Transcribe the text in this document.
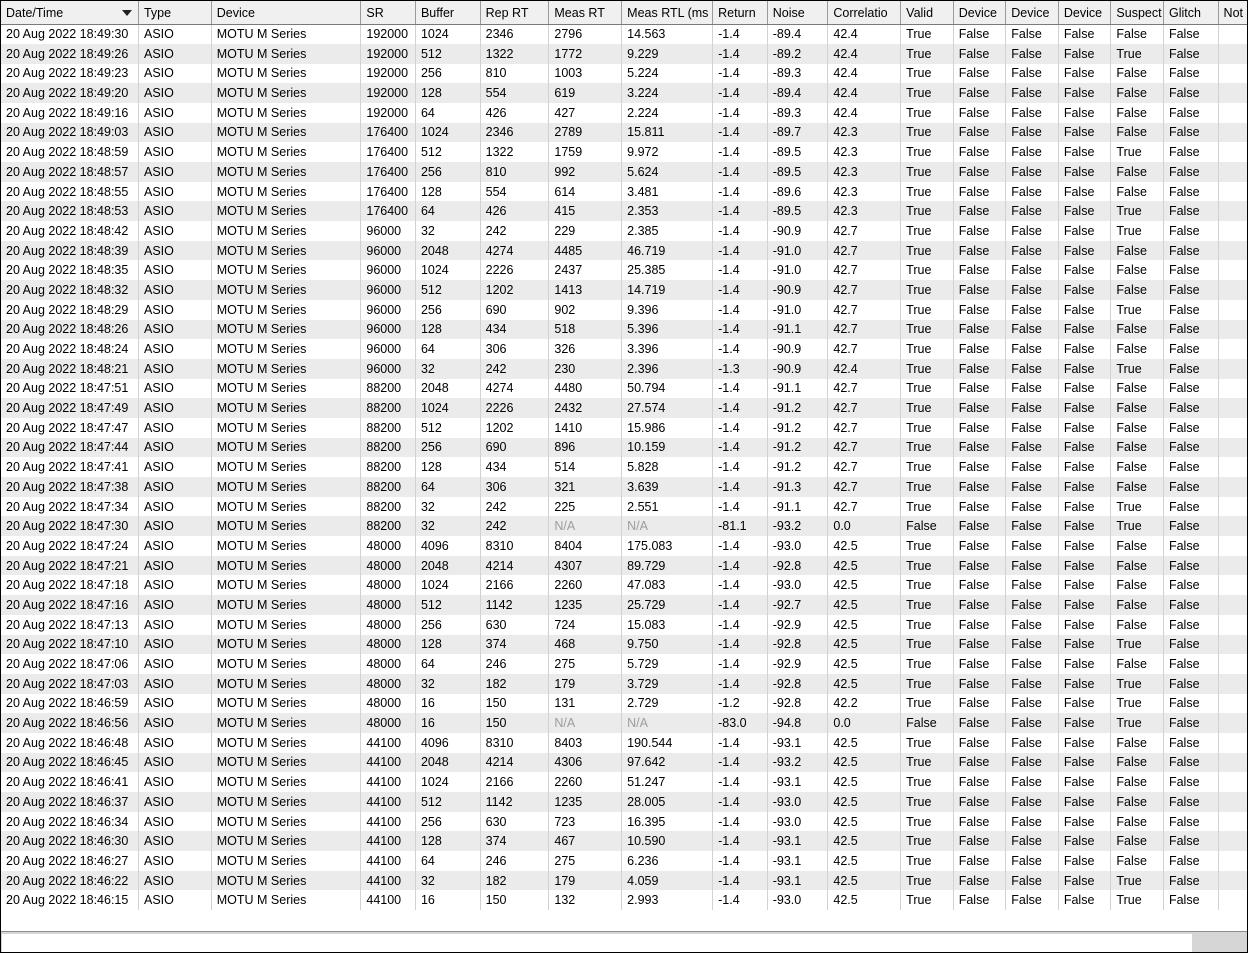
Date/Time	Type	Device	SR	Buffer	Rep RT	Meas RT	Meas RTL (ms	Return	Noise	Correlatio	Valid	Device	Device	Device	Suspect	Glitch	Not
20 Aug 2022 18:49:30	ASIO	MOTU M Series	192000	1024	2346	2796	14.563	-1.4	-89.4	42.4	True	False	False	False	False	False	
20 Aug 2022 18:49:26	ASIO	MOTU M Series	192000	512	1322	1772	9.229	-1.4	-89.2	42.4	True	False	False	False	True	False	
20 Aug 2022 18:49:23	ASIO	MOTU M Series	192000	256	810	1003	5.224	-1.4	-89.3	42.4	True	False	False	False	False	False	
20 Aug 2022 18:49:20	ASIO	MOTU M Series	192000	128	554	619	3.224	-1.4	-89.4	42.4	True	False	False	False	False	False	
20 Aug 2022 18:49:16	ASIO	MOTU M Series	192000	64	426	427	2.224	-1.4	-89.3	42.4	True	False	False	False	False	False	
20 Aug 2022 18:49:03	ASIO	MOTU M Series	176400	1024	2346	2789	15.811	-1.4	-89.7	42.3	True	False	False	False	False	False	
20 Aug 2022 18:48:59	ASIO	MOTU M Series	176400	512	1322	1759	9.972	-1.4	-89.5	42.3	True	False	False	False	True	False	
20 Aug 2022 18:48:57	ASIO	MOTU M Series	176400	256	810	992	5.624	-1.4	-89.5	42.3	True	False	False	False	False	False	
20 Aug 2022 18:48:55	ASIO	MOTU M Series	176400	128	554	614	3.481	-1.4	-89.6	42.3	True	False	False	False	False	False	
20 Aug 2022 18:48:53	ASIO	MOTU M Series	176400	64	426	415	2.353	-1.4	-89.5	42.3	True	False	False	False	True	False	
20 Aug 2022 18:48:42	ASIO	MOTU M Series	96000	32	242	229	2.385	-1.4	-90.9	42.7	True	False	False	False	True	False	
20 Aug 2022 18:48:39	ASIO	MOTU M Series	96000	2048	4274	4485	46.719	-1.4	-91.0	42.7	True	False	False	False	False	False	
20 Aug 2022 18:48:35	ASIO	MOTU M Series	96000	1024	2226	2437	25.385	-1.4	-91.0	42.7	True	False	False	False	False	False	
20 Aug 2022 18:48:32	ASIO	MOTU M Series	96000	512	1202	1413	14.719	-1.4	-90.9	42.7	True	False	False	False	False	False	
20 Aug 2022 18:48:29	ASIO	MOTU M Series	96000	256	690	902	9.396	-1.4	-91.0	42.7	True	False	False	False	True	False	
20 Aug 2022 18:48:26	ASIO	MOTU M Series	96000	128	434	518	5.396	-1.4	-91.1	42.7	True	False	False	False	False	False	
20 Aug 2022 18:48:24	ASIO	MOTU M Series	96000	64	306	326	3.396	-1.4	-90.9	42.7	True	False	False	False	False	False	
20 Aug 2022 18:48:21	ASIO	MOTU M Series	96000	32	242	230	2.396	-1.3	-90.9	42.4	True	False	False	False	True	False	
20 Aug 2022 18:47:51	ASIO	MOTU M Series	88200	2048	4274	4480	50.794	-1.4	-91.1	42.7	True	False	False	False	False	False	
20 Aug 2022 18:47:49	ASIO	MOTU M Series	88200	1024	2226	2432	27.574	-1.4	-91.2	42.7	True	False	False	False	False	False	
20 Aug 2022 18:47:47	ASIO	MOTU M Series	88200	512	1202	1410	15.986	-1.4	-91.2	42.7	True	False	False	False	False	False	
20 Aug 2022 18:47:44	ASIO	MOTU M Series	88200	256	690	896	10.159	-1.4	-91.2	42.7	True	False	False	False	False	False	
20 Aug 2022 18:47:41	ASIO	MOTU M Series	88200	128	434	514	5.828	-1.4	-91.2	42.7	True	False	False	False	False	False	
20 Aug 2022 18:47:38	ASIO	MOTU M Series	88200	64	306	321	3.639	-1.4	-91.3	42.7	True	False	False	False	False	False	
20 Aug 2022 18:47:34	ASIO	MOTU M Series	88200	32	242	225	2.551	-1.4	-91.1	42.7	True	False	False	False	True	False	
20 Aug 2022 18:47:30	ASIO	MOTU M Series	88200	32	242	N/A	N/A	-81.1	-93.2	0.0	False	False	False	False	True	False	
20 Aug 2022 18:47:24	ASIO	MOTU M Series	48000	4096	8310	8404	175.083	-1.4	-93.0	42.5	True	False	False	False	False	False	
20 Aug 2022 18:47:21	ASIO	MOTU M Series	48000	2048	4214	4307	89.729	-1.4	-92.8	42.5	True	False	False	False	False	False	
20 Aug 2022 18:47:18	ASIO	MOTU M Series	48000	1024	2166	2260	47.083	-1.4	-93.0	42.5	True	False	False	False	False	False	
20 Aug 2022 18:47:16	ASIO	MOTU M Series	48000	512	1142	1235	25.729	-1.4	-92.7	42.5	True	False	False	False	False	False	
20 Aug 2022 18:47:13	ASIO	MOTU M Series	48000	256	630	724	15.083	-1.4	-92.9	42.5	True	False	False	False	False	False	
20 Aug 2022 18:47:10	ASIO	MOTU M Series	48000	128	374	468	9.750	-1.4	-92.8	42.5	True	False	False	False	True	False	
20 Aug 2022 18:47:06	ASIO	MOTU M Series	48000	64	246	275	5.729	-1.4	-92.9	42.5	True	False	False	False	False	False	
20 Aug 2022 18:47:03	ASIO	MOTU M Series	48000	32	182	179	3.729	-1.4	-92.8	42.5	True	False	False	False	True	False	
20 Aug 2022 18:46:59	ASIO	MOTU M Series	48000	16	150	131	2.729	-1.2	-92.8	42.2	True	False	False	False	True	False	
20 Aug 2022 18:46:56	ASIO	MOTU M Series	48000	16	150	N/A	N/A	-83.0	-94.8	0.0	False	False	False	False	True	False	
20 Aug 2022 18:46:48	ASIO	MOTU M Series	44100	4096	8310	8403	190.544	-1.4	-93.1	42.5	True	False	False	False	False	False	
20 Aug 2022 18:46:45	ASIO	MOTU M Series	44100	2048	4214	4306	97.642	-1.4	-93.2	42.5	True	False	False	False	False	False	
20 Aug 2022 18:46:41	ASIO	MOTU M Series	44100	1024	2166	2260	51.247	-1.4	-93.1	42.5	True	False	False	False	False	False	
20 Aug 2022 18:46:37	ASIO	MOTU M Series	44100	512	1142	1235	28.005	-1.4	-93.0	42.5	True	False	False	False	False	False	
20 Aug 2022 18:46:34	ASIO	MOTU M Series	44100	256	630	723	16.395	-1.4	-93.0	42.5	True	False	False	False	False	False	
20 Aug 2022 18:46:30	ASIO	MOTU M Series	44100	128	374	467	10.590	-1.4	-93.1	42.5	True	False	False	False	False	False	
20 Aug 2022 18:46:27	ASIO	MOTU M Series	44100	64	246	275	6.236	-1.4	-93.1	42.5	True	False	False	False	False	False	
20 Aug 2022 18:46:22	ASIO	MOTU M Series	44100	32	182	179	4.059	-1.4	-93.1	42.5	True	False	False	False	True	False	
20 Aug 2022 18:46:15	ASIO	MOTU M Series	44100	16	150	132	2.993	-1.4	-93.0	42.5	True	False	False	False	True	False	
